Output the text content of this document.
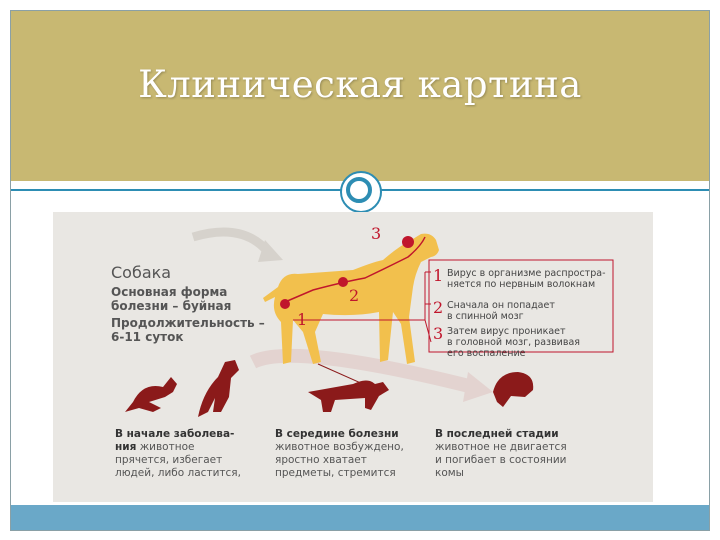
Клиническая картина
Собака
Основная форма
болезни – буйная
Продолжительность –
6-11 суток
1
2
3
1 Вирус в организме распростра-
няется по нервным волокнам
2 Сначала он попадает
в спинной мозг
3 Затем вирус проникает
в головной мозг, развивая
его воспаление
В начале заболева-
ния животное
прячется, избегает
людей, либо ластится,
В середине болезни
животное возбуждено,
яростно хватает
предметы, стремится
В последней стадии
животное не двигается
и погибает в состоянии
комы
